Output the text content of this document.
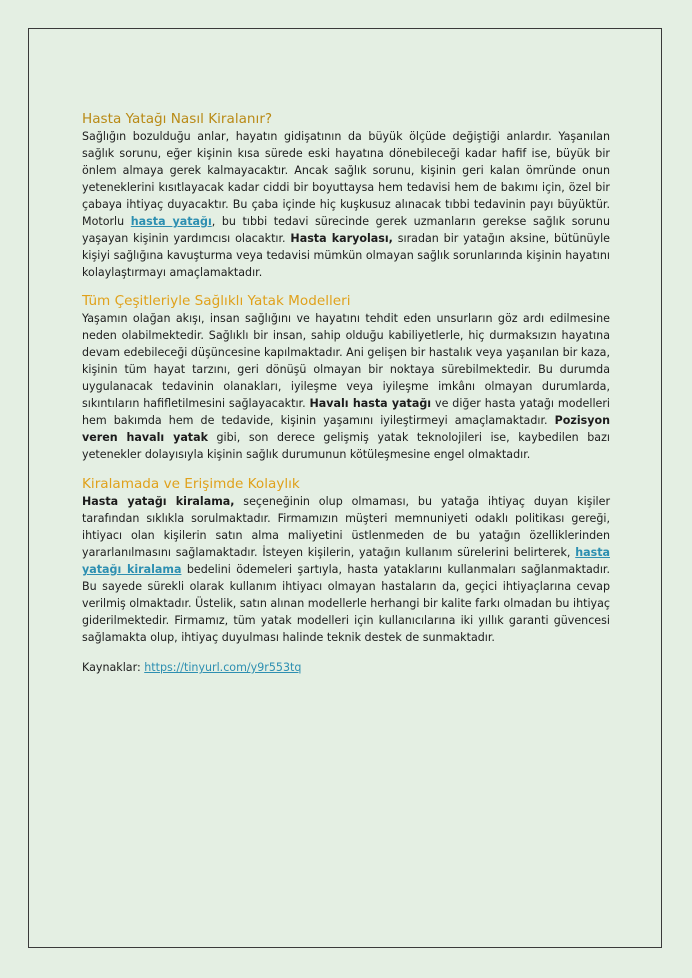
Hasta Yatağı Nasıl Kiralanır?

Sağlığın bozulduğu anlar, hayatın gidişatının da büyük ölçüde değiştiği anlardır. Yaşanılan sağlık sorunu, eğer kişinin kısa sürede eski hayatına dönebileceği kadar hafif ise, büyük bir önlem almaya gerek kalmayacaktır. Ancak sağlık sorunu, kişinin geri kalan ömründe onun yeteneklerini kısıtlayacak kadar ciddi bir boyuttaysa hem tedavisi hem de bakımı için, özel bir çabaya ihtiyaç duyacaktır. Bu çaba içinde hiç kuşkusuz alınacak tıbbi tedavinin payı büyüktür. Motorlu hasta yatağı, bu tıbbi tedavi sürecinde gerek uzmanların gerekse sağlık sorunu yaşayan kişinin yardımcısı olacaktır. Hasta karyolası, sıradan bir yatağın aksine, bütünüyle kişiyi sağlığına kavuşturma veya tedavisi mümkün olmayan sağlık sorunlarında kişinin hayatını kolaylaştırmayı amaçlamaktadır.

Tüm Çeşitleriyle Sağlıklı Yatak Modelleri

Yaşamın olağan akışı, insan sağlığını ve hayatını tehdit eden unsurların göz ardı edilmesine neden olabilmektedir. Sağlıklı bir insan, sahip olduğu kabiliyetlerle, hiç durmaksızın hayatına devam edebileceği düşüncesine kapılmaktadır. Ani gelişen bir hastalık veya yaşanılan bir kaza, kişinin tüm hayat tarzını, geri dönüşü olmayan bir noktaya sürebilmektedir. Bu durumda uygulanacak tedavinin olanakları, iyileşme veya iyileşme imkânı olmayan durumlarda, sıkıntıların hafifletilmesini sağlayacaktır. Havalı hasta yatağı ve diğer hasta yatağı modelleri hem bakımda hem de tedavide, kişinin yaşamını iyileştirmeyi amaçlamaktadır. Pozisyon veren havalı yatak gibi, son derece gelişmiş yatak teknolojileri ise, kaybedilen bazı yetenekler dolayısıyla kişinin sağlık durumunun kötüleşmesine engel olmaktadır.

Kiralamada ve Erişimde Kolaylık

Hasta yatağı kiralama, seçeneğinin olup olmaması, bu yatağa ihtiyaç duyan kişiler tarafından sıklıkla sorulmaktadır. Firmamızın müşteri memnuniyeti odaklı politikası gereği, ihtiyacı olan kişilerin satın alma maliyetini üstlenmeden de bu yatağın özelliklerinden yararlanılmasını sağlamaktadır. İsteyen kişilerin, yatağın kullanım sürelerini belirterek, hasta yatağı kiralama bedelini ödemeleri şartıyla, hasta yataklarını kullanmaları sağlanmaktadır. Bu sayede sürekli olarak kullanım ihtiyacı olmayan hastaların da, geçici ihtiyaçlarına cevap verilmiş olmaktadır. Üstelik, satın alınan modellerle herhangi bir kalite farkı olmadan bu ihtiyaç giderilmektedir. Firmamız, tüm yatak modelleri için kullanıcılarına iki yıllık garanti güvencesi sağlamakta olup, ihtiyaç duyulması halinde teknik destek de sunmaktadır.

Kaynaklar: https://tinyurl.com/y9r553tq
